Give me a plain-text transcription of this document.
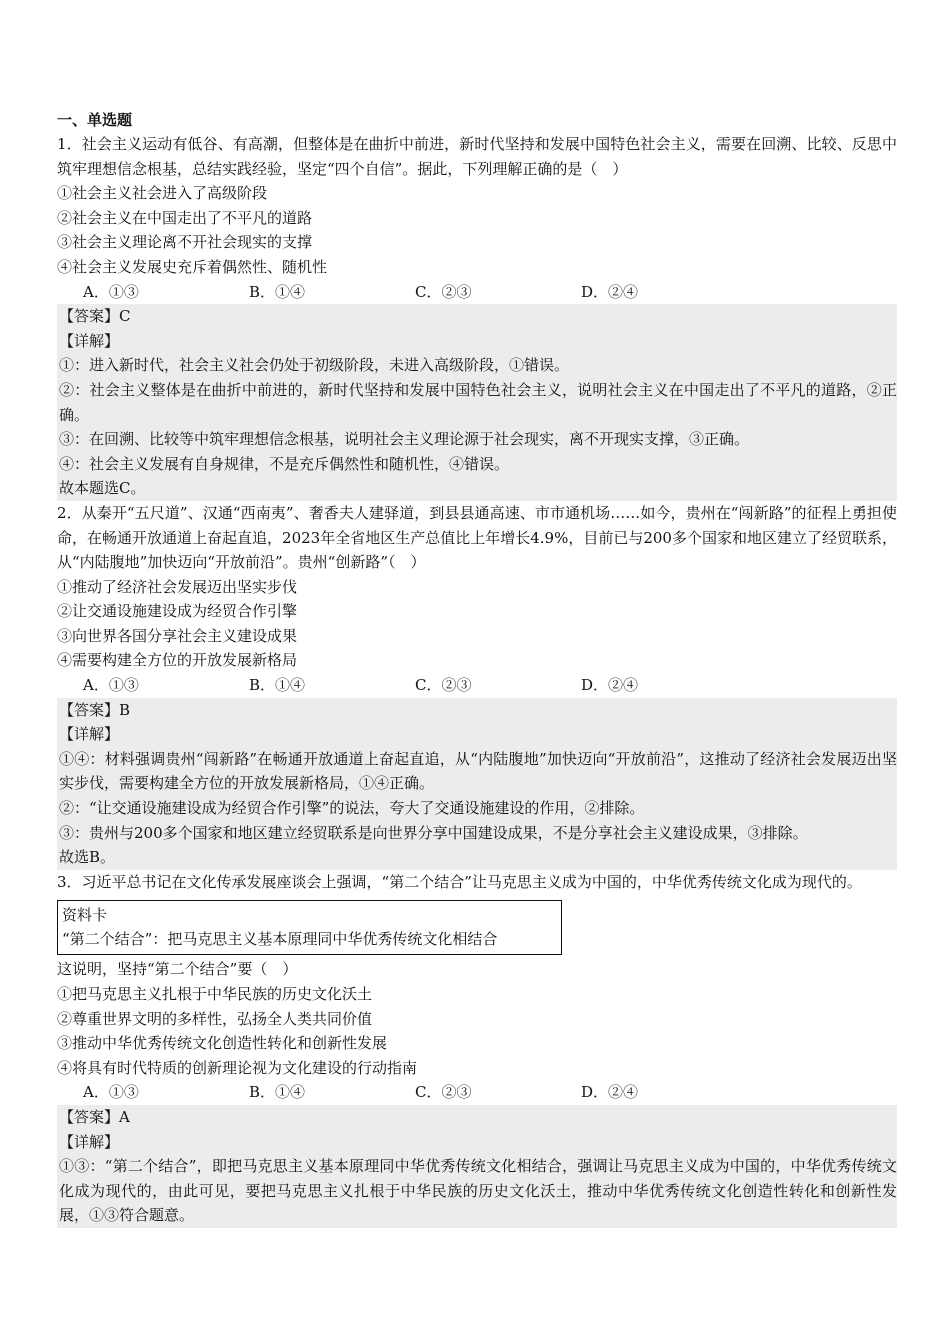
一、单选题
1．社会主义运动有低谷、有高潮，但整体是在曲折中前进，新时代坚持和发展中国特色社会主义，需要在回溯、比较、反思中筑牢理想信念根基，总结实践经验，坚定“四个自信”。据此，下列理解正确的是（　）
①社会主义社会进入了高级阶段
②社会主义在中国走出了不平凡的道路
③社会主义理论离不开社会现实的支撑
④社会主义发展史充斥着偶然性、随机性
A．①③	B．①④	C．②③	D．②④
【答案】C
【详解】
①：进入新时代，社会主义社会仍处于初级阶段，未进入高级阶段，①错误。
②：社会主义整体是在曲折中前进的，新时代坚持和发展中国特色社会主义，说明社会主义在中国走出了不平凡的道路，②正确。
③：在回溯、比较等中筑牢理想信念根基，说明社会主义理论源于社会现实，离不开现实支撑，③正确。
④：社会主义发展有自身规律，不是充斥偶然性和随机性，④错误。
故本题选C。
2．从秦开“五尺道”、汉通“西南夷”、奢香夫人建驿道，到县县通高速、市市通机场……如今，贵州在“闯新路”的征程上勇担使命，在畅通开放通道上奋起直追，2023年全省地区生产总值比上年增长4.9%，目前已与200多个国家和地区建立了经贸联系，从“内陆腹地”加快迈向“开放前沿”。贵州“创新路”（　）
①推动了经济社会发展迈出坚实步伐
②让交通设施建设成为经贸合作引擎
③向世界各国分享社会主义建设成果
④需要构建全方位的开放发展新格局
A．①③	B．①④	C．②③	D．②④
【答案】B
【详解】
①④：材料强调贵州“闯新路”在畅通开放通道上奋起直追，从“内陆腹地”加快迈向“开放前沿”，这推动了经济社会发展迈出坚实步伐，需要构建全方位的开放发展新格局，①④正确。
②：“让交通设施建设成为经贸合作引擎”的说法，夸大了交通设施建设的作用，②排除。
③：贵州与200多个国家和地区建立经贸联系是向世界分享中国建设成果，不是分享社会主义建设成果，③排除。
故选B。
3．习近平总书记在文化传承发展座谈会上强调，“第二个结合”让马克思主义成为中国的，中华优秀传统文化成为现代的。
资料卡
“第二个结合”：把马克思主义基本原理同中华优秀传统文化相结合
这说明，坚持“第二个结合”要（　）
①把马克思主义扎根于中华民族的历史文化沃土
②尊重世界文明的多样性，弘扬全人类共同价值
③推动中华优秀传统文化创造性转化和创新性发展
④将具有时代特质的创新理论视为文化建设的行动指南
A．①③	B．①④	C．②③	D．②④
【答案】A
【详解】
①③：“第二个结合”，即把马克思主义基本原理同中华优秀传统文化相结合，强调让马克思主义成为中国的，中华优秀传统文化成为现代的，由此可见，要把马克思主义扎根于中华民族的历史文化沃土，推动中华优秀传统文化创造性转化和创新性发展，①③符合题意。
